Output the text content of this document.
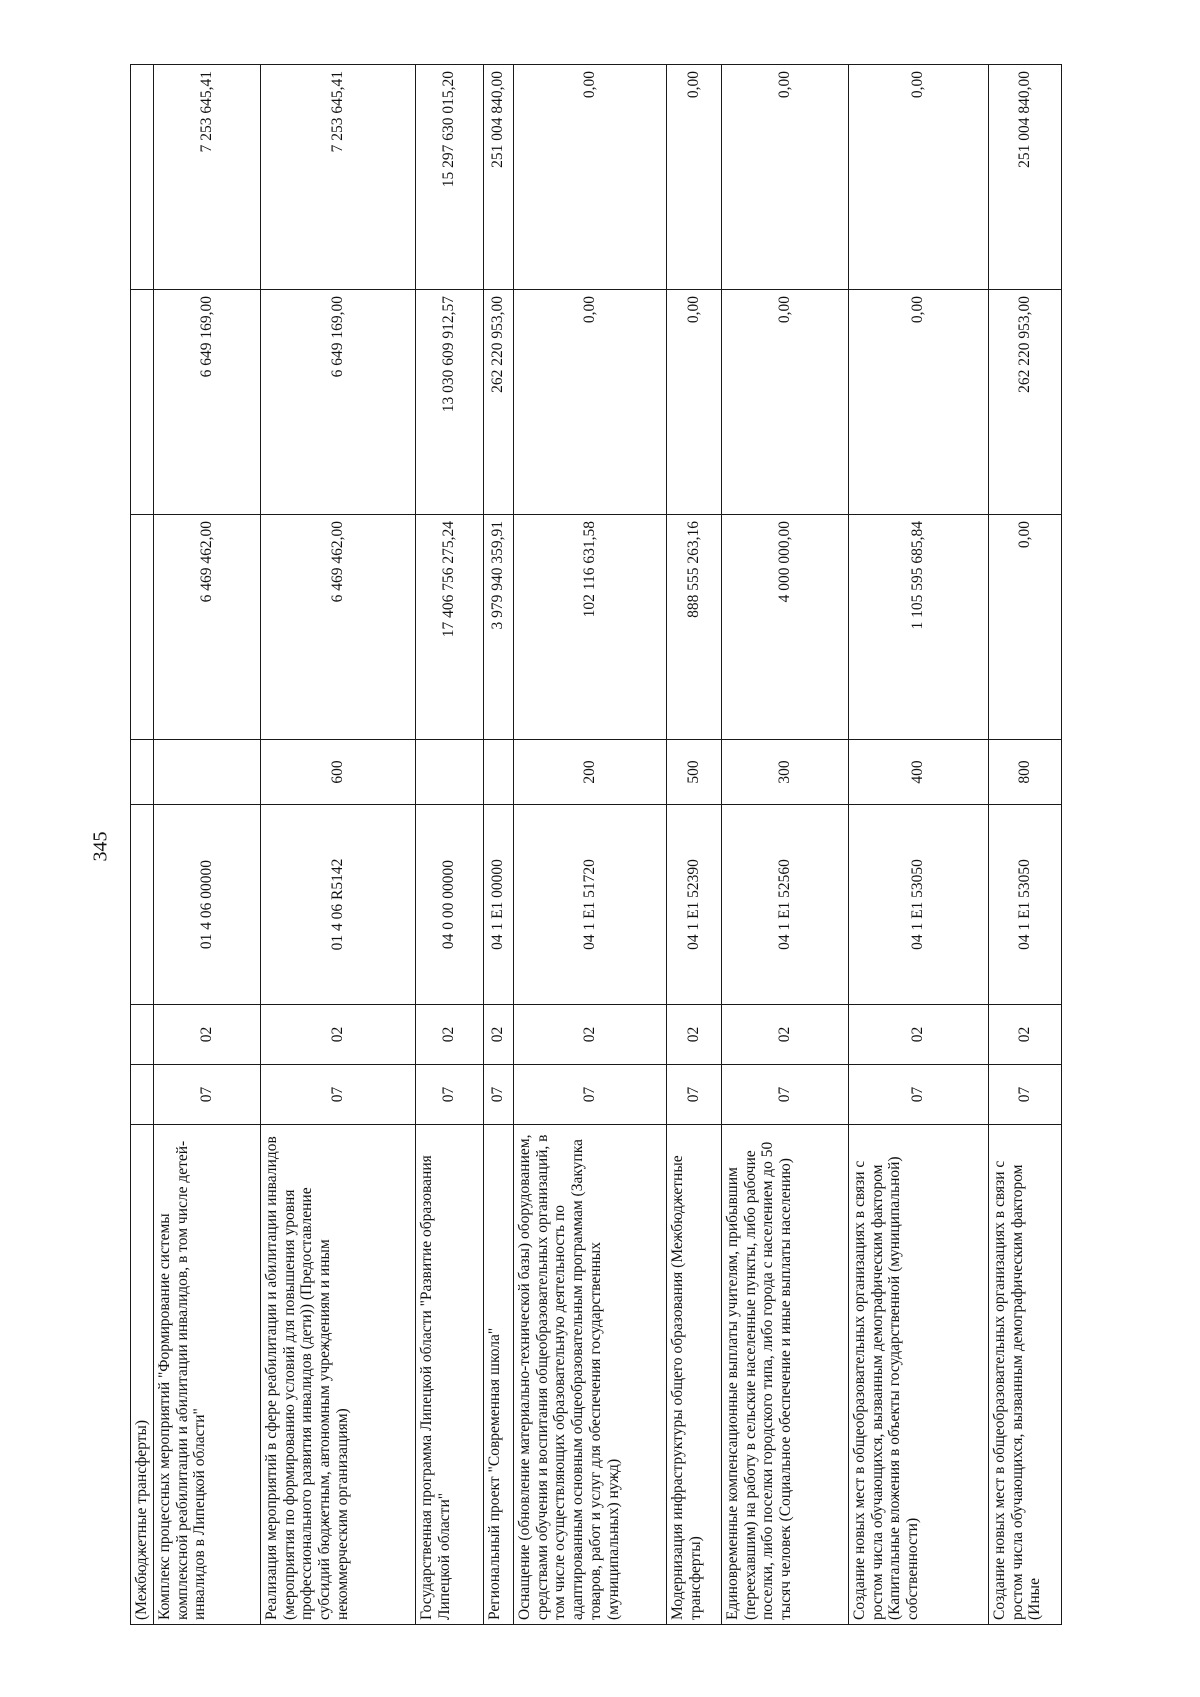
345
(Межбюджетные трансферты)							
Комплекс процессных мероприятий "Формирование системы комплексной реабилитации и абилитации инвалидов, в том числе детей-инвалидов в Липецкой области"	07	02	01 4 06 00000		6 469 462,00	6 649 169,00	7 253 645,41
Реализация мероприятий в сфере реабилитации и абилитации инвалидов (мероприятия по формированию условий для повышения уровня профессионального развития инвалидов (дети)) (Предоставление субсидий бюджетным, автономным учреждениям и иным некоммерческим организациям)	07	02	01 4 06 R5142	600	6 469 462,00	6 649 169,00	7 253 645,41
Государственная программа Липецкой области "Развитие образования Липецкой области"	07	02	04 0 00 00000		17 406 756 275,24	13 030 609 912,57	15 297 630 015,20
Региональный проект "Современная школа"	07	02	04 1 E1 00000		3 979 940 359,91	262 220 953,00	251 004 840,00
Оснащение (обновление материально-технической базы) оборудованием, средствами обучения и воспитания общеобразовательных организаций, в том числе осуществляющих образовательную деятельность по адаптированным основным общеобразовательным программам (Закупка товаров, работ и услуг для обеспечения государственных (муниципальных) нужд)	07	02	04 1 E1 51720	200	102 116 631,58	0,00	0,00
Модернизация инфраструктуры общего образования (Межбюджетные трансферты)	07	02	04 1 E1 52390	500	888 555 263,16	0,00	0,00
Единовременные компенсационные выплаты учителям, прибывшим (переехавшим) на работу в сельские населенные пункты, либо рабочие поселки, либо поселки городского типа, либо города с населением до 50 тысяч человек (Социальное обеспечение и иные выплаты населению)	07	02	04 1 E1 52560	300	4 000 000,00	0,00	0,00
Создание новых мест в общеобразовательных организациях в связи с ростом числа обучающихся, вызванным демографическим фактором (Капитальные вложения в объекты государственной (муниципальной) собственности)	07	02	04 1 E1 53050	400	1 105 595 685,84	0,00	0,00
Создание новых мест в общеобразовательных организациях в связи с ростом числа обучающихся, вызванным демографическим фактором (Иные	07	02	04 1 E1 53050	800	0,00	262 220 953,00	251 004 840,00
